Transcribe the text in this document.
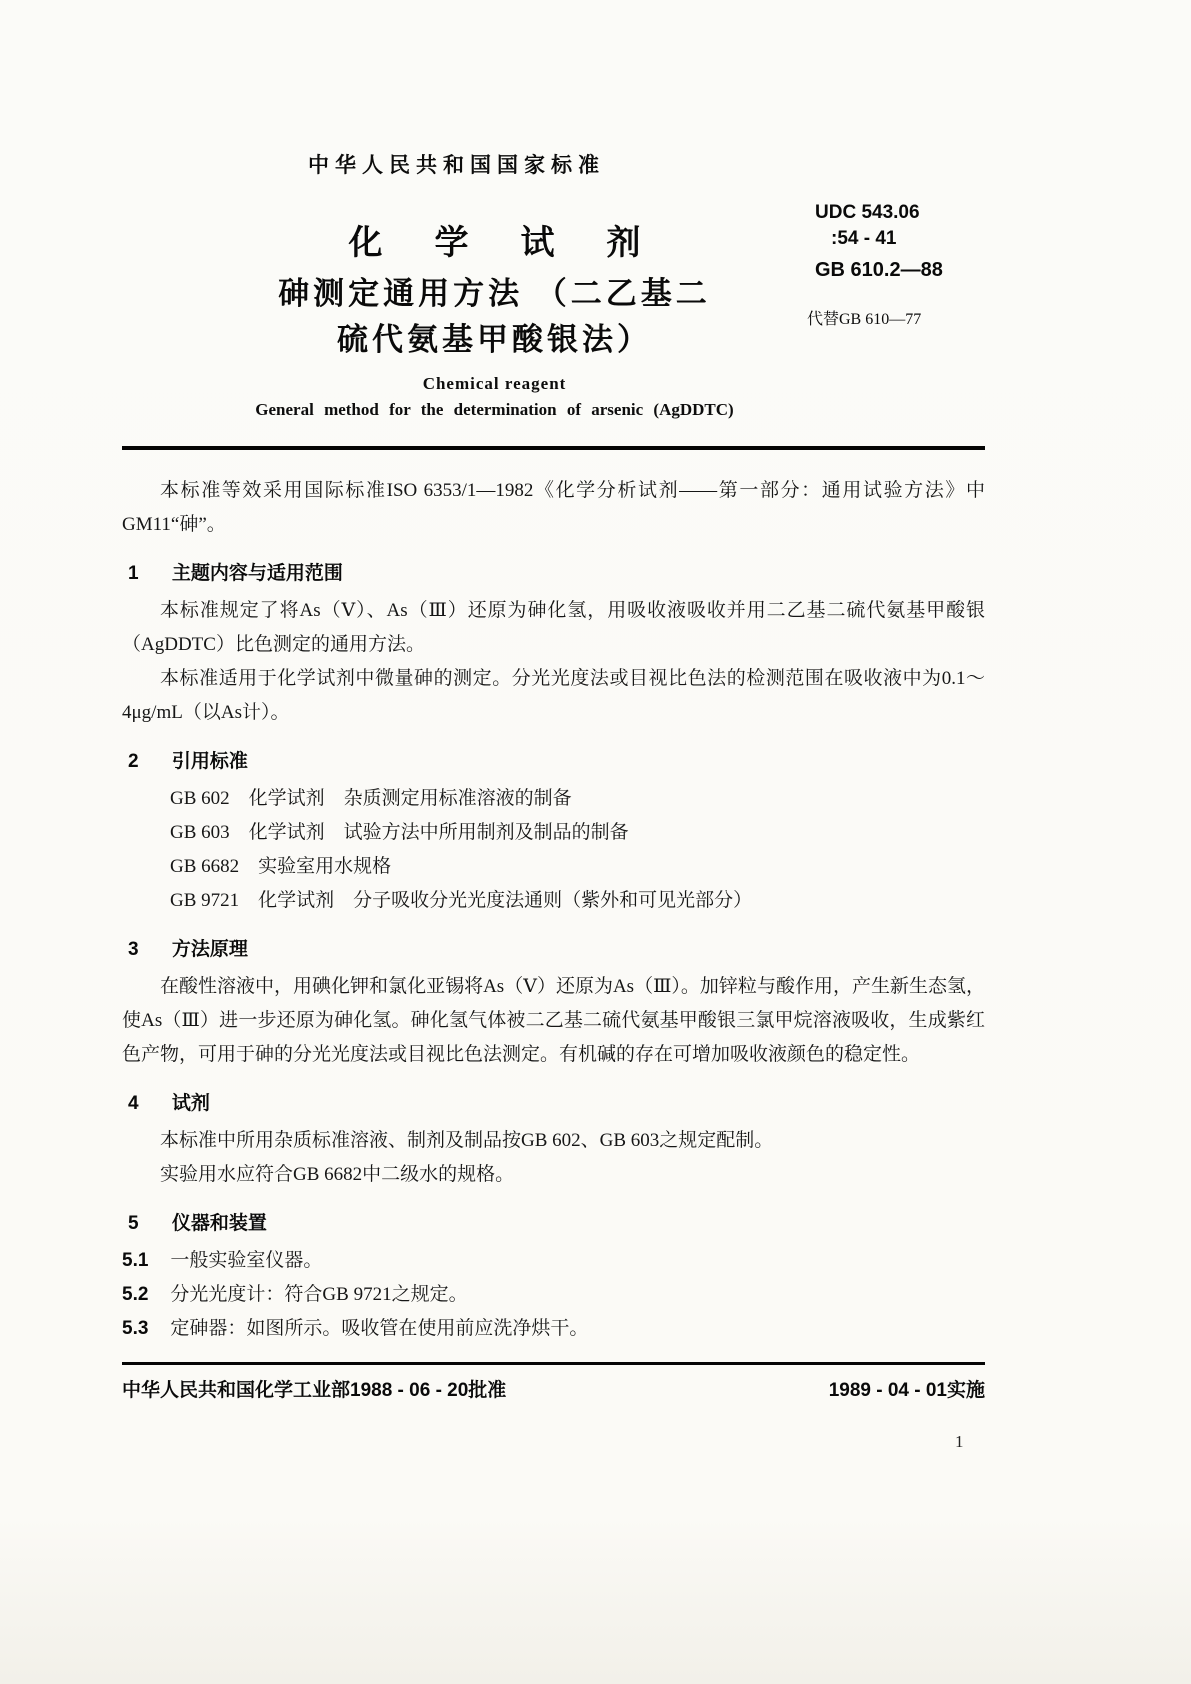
中华人民共和国国家标准
化学试剂
砷测定通用方法 （二乙基二
硫代氨基甲酸银法）
Chemical reagent
General method for the determination of arsenic (AgDDTC)
UDC 543.06
:54 - 41
GB 610.2—88
代替GB 610—77

本标准等效采用国际标准ISO 6353/1—1982《化学分析试剂——第一部分：通用试验方法》中GM11“砷”。

1 主题内容与适用范围

本标准规定了将As（Ⅴ）、As（Ⅲ）还原为砷化氢，用吸收液吸收并用二乙基二硫代氨基甲酸银（AgDDTC）比色测定的通用方法。

本标准适用于化学试剂中微量砷的测定。分光光度法或目视比色法的检测范围在吸收液中为0.1～4μg/mL（以As计）。

2 引用标准
GB 602　化学试剂　杂质测定用标准溶液的制备
GB 603　化学试剂　试验方法中所用制剂及制品的制备
GB 6682　实验室用水规格
GB 9721　化学试剂　分子吸收分光光度法通则（紫外和可见光部分）
3 方法原理

在酸性溶液中，用碘化钾和氯化亚锡将As（Ⅴ）还原为As（Ⅲ）。加锌粒与酸作用，产生新生态氢，使As（Ⅲ）进一步还原为砷化氢。砷化氢气体被二乙基二硫代氨基甲酸银三氯甲烷溶液吸收，生成紫红色产物，可用于砷的分光光度法或目视比色法测定。有机碱的存在可增加吸收液颜色的稳定性。

4 试剂

本标准中所用杂质标准溶液、制剂及制品按GB 602、GB 603之规定配制。

实验用水应符合GB 6682中二级水的规格。

5 仪器和装置
5.1 一般实验室仪器。
5.2 分光光度计：符合GB 9721之规定。
5.3 定砷器：如图所示。吸收管在使用前应洗净烘干。
中华人民共和国化学工业部1988 - 06 - 20批准	1989 - 04 - 01实施
1
